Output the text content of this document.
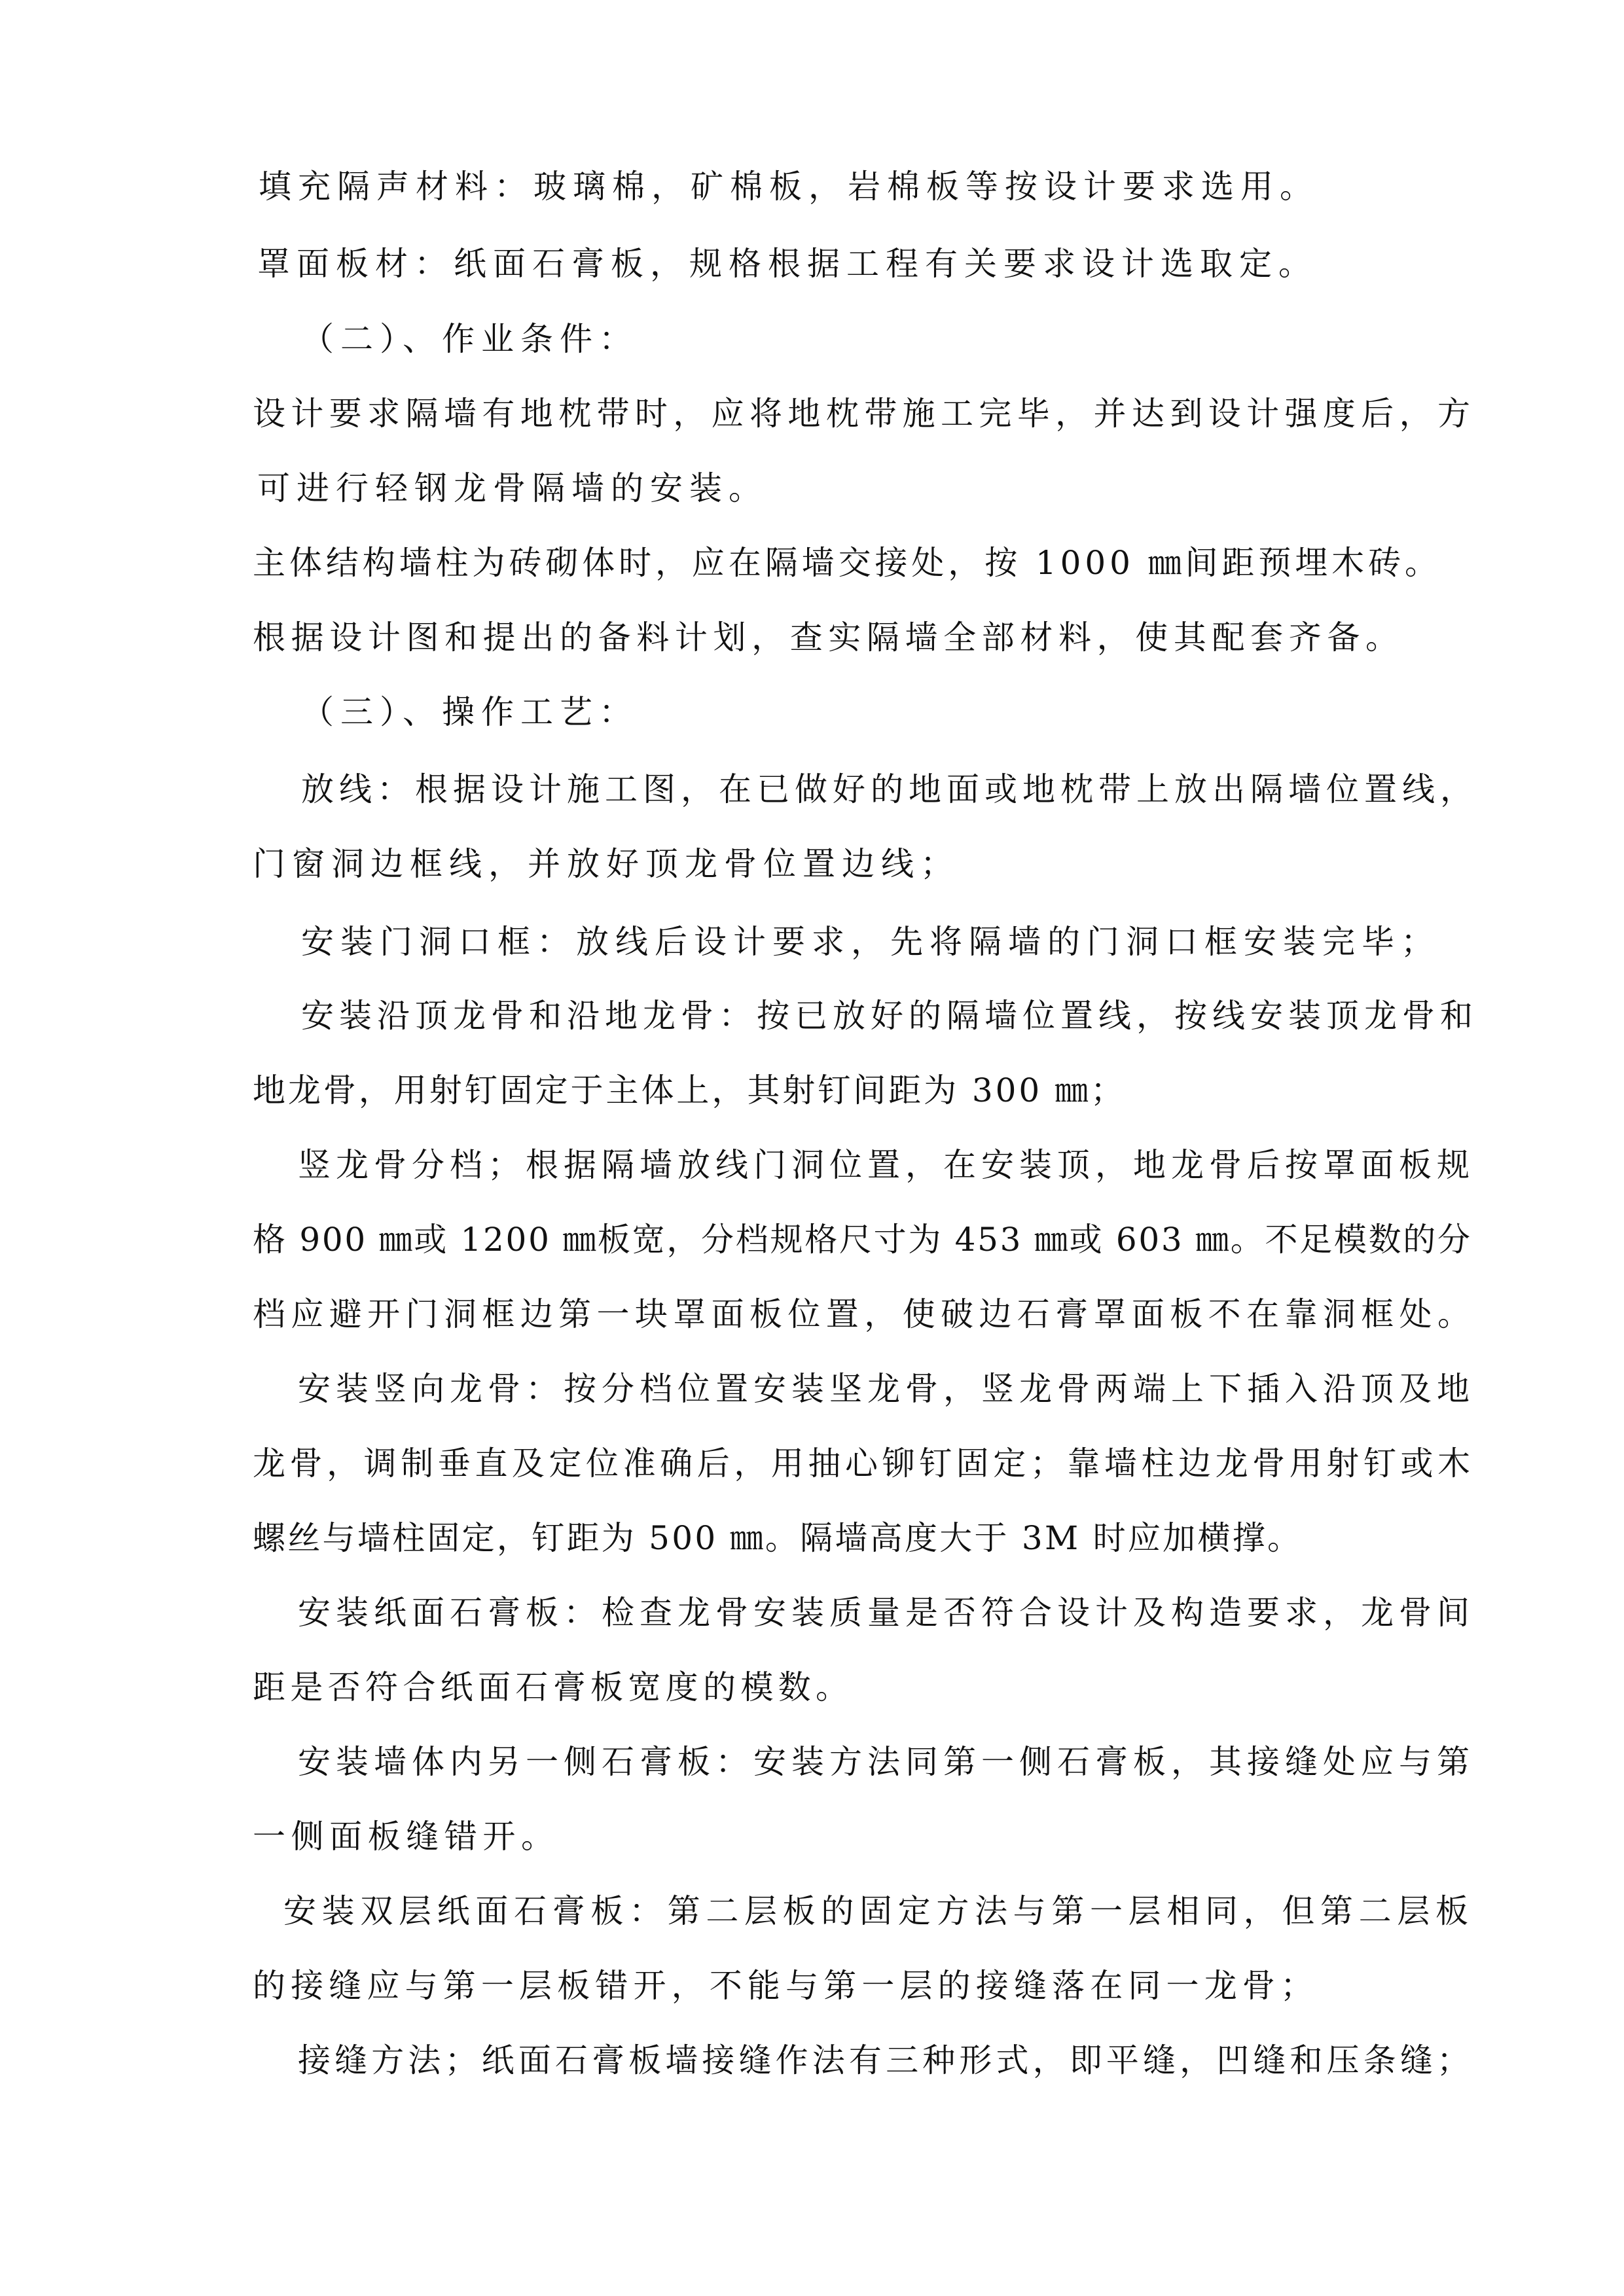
填充隔声材料：玻璃棉，矿棉板，岩棉板等按设计要求选用。

罩面板材：纸面石膏板，规格根据工程有关要求设计选取定。

（二）、作业条件：

设计要求隔墙有地枕带时，应将地枕带施工完毕，并达到设计强度后，方

可进行轻钢龙骨隔墙的安装。

主体结构墙柱为砖砌体时，应在隔墙交接处，按 1000 ㎜间距预埋木砖。

根据设计图和提出的备料计划，查实隔墙全部材料，使其配套齐备。

（三）、操作工艺：

放线：根据设计施工图，在已做好的地面或地枕带上放出隔墙位置线，

门窗洞边框线，并放好顶龙骨位置边线；

安装门洞口框：放线后设计要求，先将隔墙的门洞口框安装完毕；

安装沿顶龙骨和沿地龙骨：按已放好的隔墙位置线，按线安装顶龙骨和

地龙骨，用射钉固定于主体上，其射钉间距为 300 ㎜；

竖龙骨分档；根据隔墙放线门洞位置，在安装顶，地龙骨后按罩面板规

格 900 ㎜或 1200 ㎜板宽，分档规格尺寸为 453 ㎜或 603 ㎜。不足模数的分

档应避开门洞框边第一块罩面板位置，使破边石膏罩面板不在靠洞框处。

安装竖向龙骨：按分档位置安装坚龙骨，竖龙骨两端上下插入沿顶及地

龙骨，调制垂直及定位准确后，用抽心铆钉固定；靠墙柱边龙骨用射钉或木

螺丝与墙柱固定，钉距为 500 ㎜。隔墙高度大于 3M 时应加横撑。

安装纸面石膏板：检查龙骨安装质量是否符合设计及构造要求，龙骨间

距是否符合纸面石膏板宽度的模数。

安装墙体内另一侧石膏板：安装方法同第一侧石膏板，其接缝处应与第

一侧面板缝错开。

安装双层纸面石膏板：第二层板的固定方法与第一层相同，但第二层板

的接缝应与第一层板错开，不能与第一层的接缝落在同一龙骨；

接缝方法；纸面石膏板墙接缝作法有三种形式，即平缝，凹缝和压条缝；
